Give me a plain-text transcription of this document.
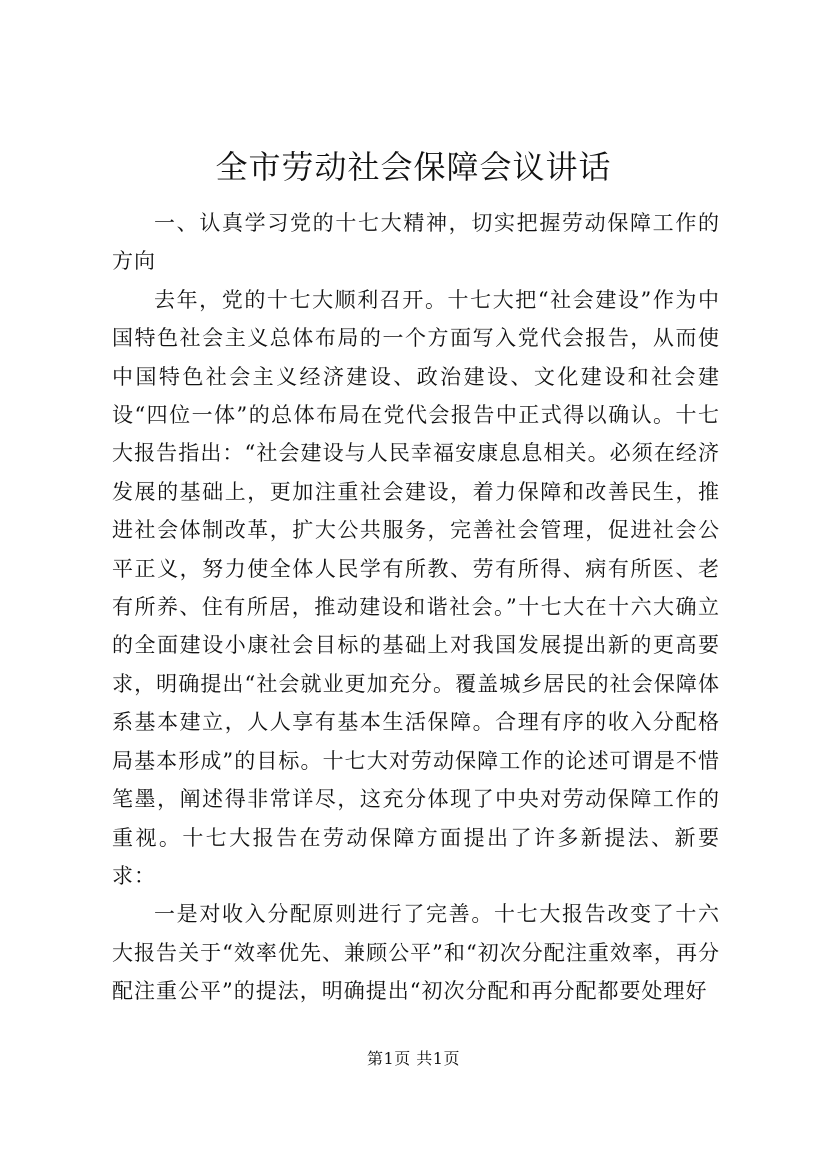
全市劳动社会保障会议讲话

一、认真学习党的十七大精神，切实把握劳动保障工作的方向

去年，党的十七大顺利召开。十七大把“社会建设”作为中国特色社会主义总体布局的一个方面写入党代会报告，从而使中国特色社会主义经济建设、政治建设、文化建设和社会建设“四位一体”的总体布局在党代会报告中正式得以确认。十七大报告指出：“社会建设与人民幸福安康息息相关。必须在经济发展的基础上，更加注重社会建设，着力保障和改善民生，推进社会体制改革，扩大公共服务，完善社会管理，促进社会公平正义，努力使全体人民学有所教、劳有所得、病有所医、老有所养、住有所居，推动建设和谐社会。”十七大在十六大确立的全面建设小康社会目标的基础上对我国发展提出新的更高要求，明确提出“社会就业更加充分。覆盖城乡居民的社会保障体系基本建立，人人享有基本生活保障。合理有序的收入分配格局基本形成”的目标。十七大对劳动保障工作的论述可谓是不惜笔墨，阐述得非常详尽，这充分体现了中央对劳动保障工作的重视。十七大报告在劳动保障方面提出了许多新提法、新要求：

一是对收入分配原则进行了完善。十七大报告改变了十六大报告关于“效率优先、兼顾公平”和“初次分配注重效率，再分配注重公平”的提法，明确提出“初次分配和再分配都要处理好

第1页 共1页
